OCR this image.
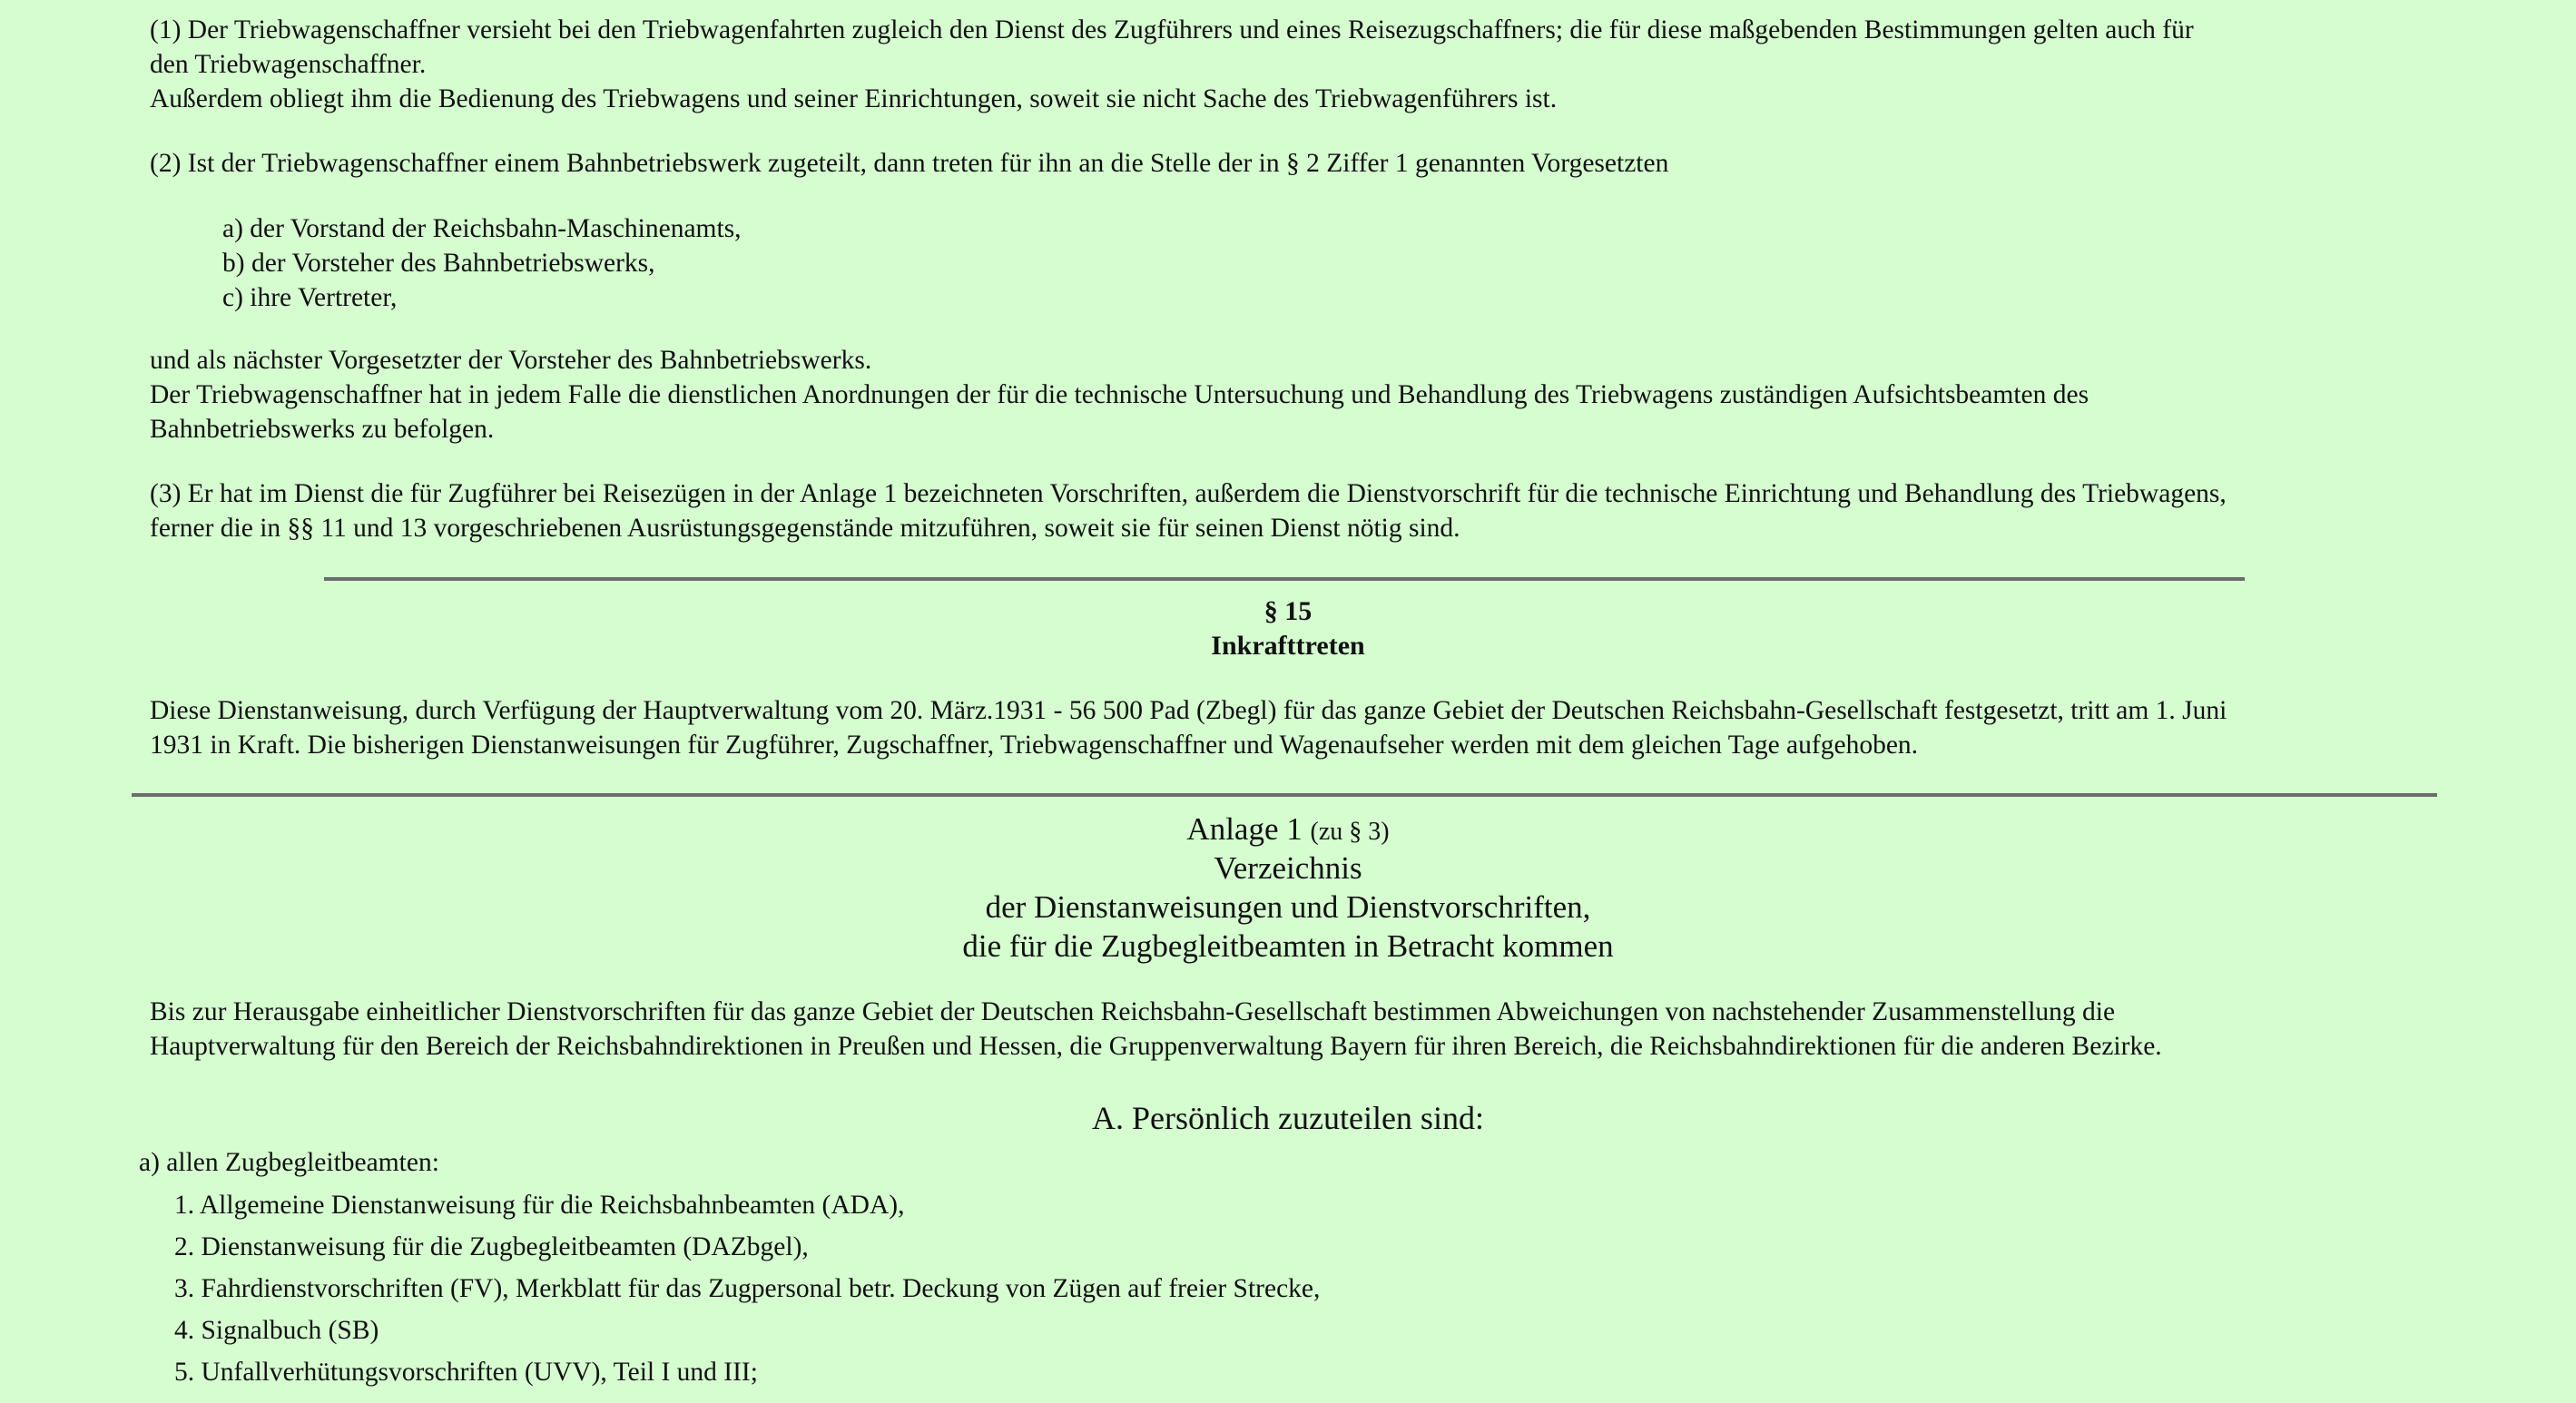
(1) Der Triebwagenschaffner versieht bei den Triebwagenfahrten zugleich den Dienst des Zugführers und eines Reisezugschaffners; die für diese maßgebenden Bestimmungen gelten auch für
den Triebwagenschaffner.
Außerdem obliegt ihm die Bedienung des Triebwagens und seiner Einrichtungen, soweit sie nicht Sache des Triebwagenführers ist.

(2) Ist der Triebwagenschaffner einem Bahnbetriebswerk zugeteilt, dann treten für ihn an die Stelle der in § 2 Ziffer 1 genannten Vorgesetzten

a) der Vorstand der Reichsbahn-Maschinenamts,
b) der Vorsteher des Bahnbetriebswerks,
c) ihre Vertreter,

und als nächster Vorgesetzter der Vorsteher des Bahnbetriebswerks.
Der Triebwagenschaffner hat in jedem Falle die dienstlichen Anordnungen der für die technische Untersuchung und Behandlung des Triebwagens zuständigen Aufsichtsbeamten des
Bahnbetriebswerks zu befolgen.

(3) Er hat im Dienst die für Zugführer bei Reisezügen in der Anlage 1 bezeichneten Vorschriften, außerdem die Dienstvorschrift für die technische Einrichtung und Behandlung des Triebwagens,
ferner die in §§ 11 und 13 vorgeschriebenen Ausrüstungsgegenstände mitzuführen, soweit sie für seinen Dienst nötig sind.

§ 15
Inkrafttreten

Diese Dienstanweisung, durch Verfügung der Hauptverwaltung vom 20. März.1931 - 56 500 Pad (Zbegl) für das ganze Gebiet der Deutschen Reichsbahn-Gesellschaft festgesetzt, tritt am 1. Juni
1931 in Kraft. Die bisherigen Dienstanweisungen für Zugführer, Zugschaffner, Triebwagenschaffner und Wagenaufseher werden mit dem gleichen Tage aufgehoben.

Anlage 1 (zu § 3)
Verzeichnis
der Dienstanweisungen und Dienstvorschriften,
die für die Zugbegleitbeamten in Betracht kommen

Bis zur Herausgabe einheitlicher Dienstvorschriften für das ganze Gebiet der Deutschen Reichsbahn-Gesellschaft bestimmen Abweichungen von nachstehender Zusammenstellung die
Hauptverwaltung für den Bereich der Reichsbahndirektionen in Preußen und Hessen, die Gruppenverwaltung Bayern für ihren Bereich, die Reichsbahndirektionen für die anderen Bezirke.

A. Persönlich zuzuteilen sind:
a) allen Zugbegleitbeamten:
1. Allgemeine Dienstanweisung für die Reichsbahnbeamten (ADA),
2. Dienstanweisung für die Zugbegleitbeamten (DAZbgel),
3. Fahrdienstvorschriften (FV), Merkblatt für das Zugpersonal betr. Deckung von Zügen auf freier Strecke,
4. Signalbuch (SB)
5. Unfallverhütungsvorschriften (UVV), Teil I und III;
